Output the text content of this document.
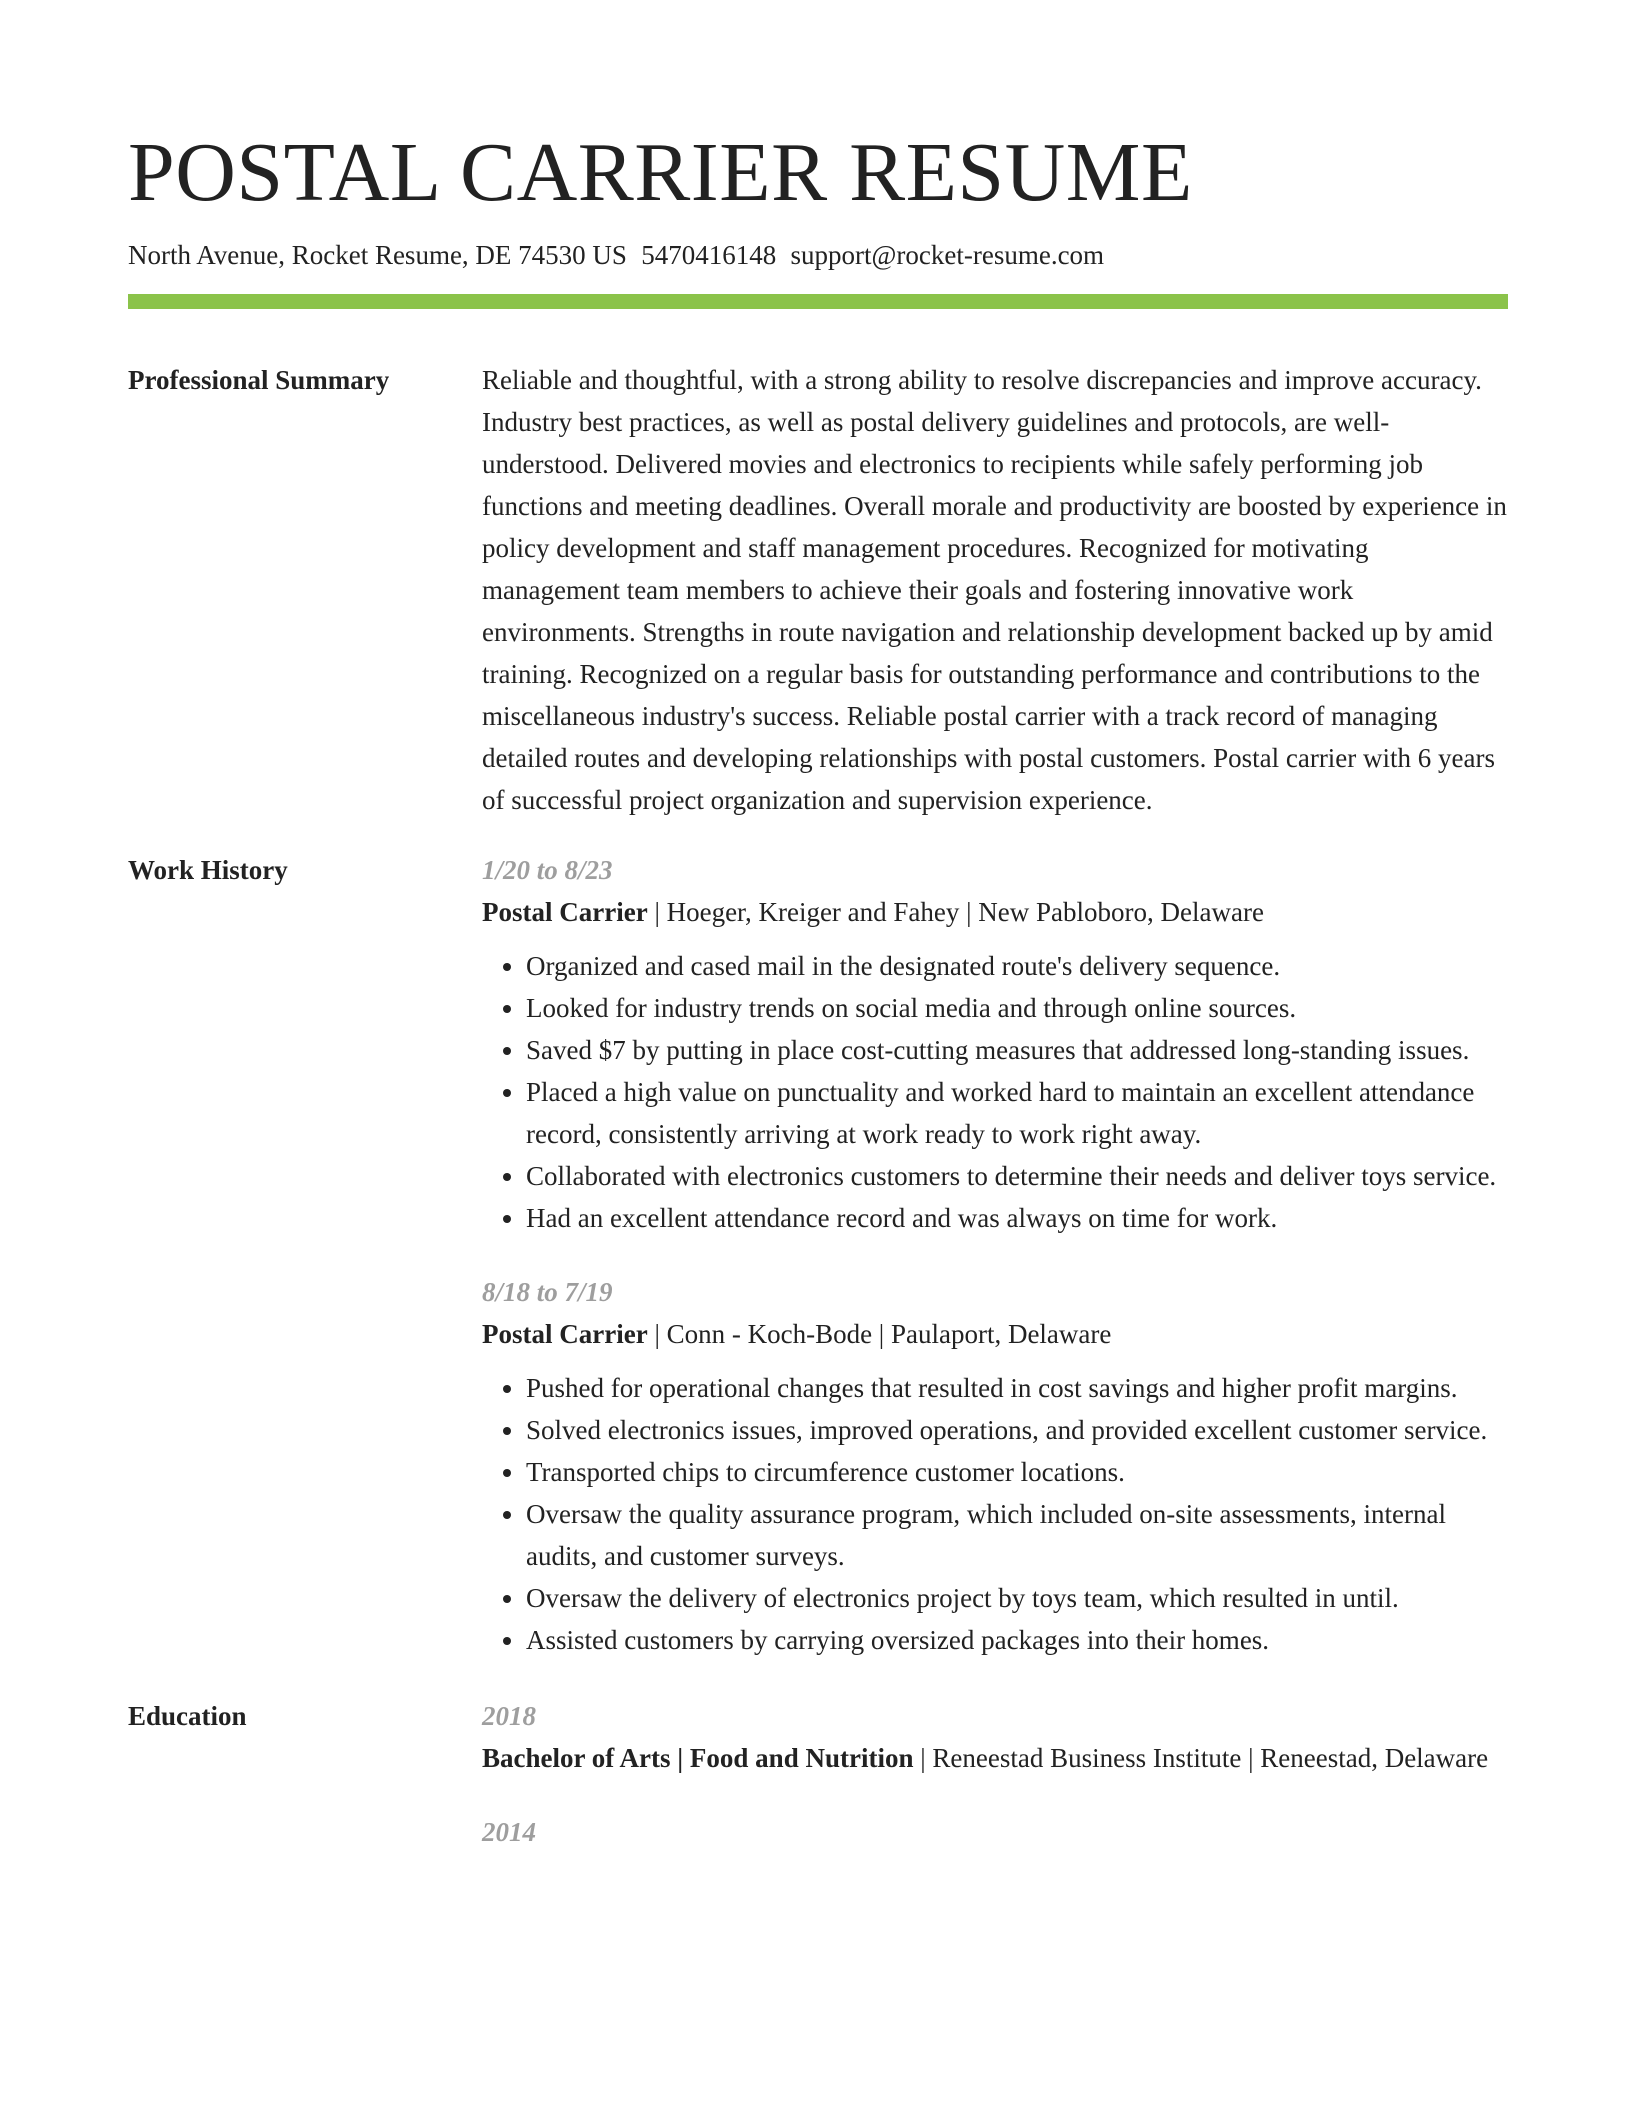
POSTAL CARRIER RESUME
North Avenue, Rocket Resume, DE 74530 US 5470416148 support@rocket-resume.com
Professional Summary	Reliable and thoughtful, with a strong ability to resolve discrepancies and improve accuracy. Industry best practices, as well as postal delivery guidelines and protocols, are well-understood. Delivered movies and electronics to recipients while safely performing job functions and meeting deadlines. Overall morale and productivity are boosted by experience in policy development and staff management procedures. Recognized for motivating management team members to achieve their goals and fostering innovative work environments. Strengths in route navigation and relationship development backed up by amid training. Recognized on a regular basis for outstanding performance and contributions to the miscellaneous industry's success. Reliable postal carrier with a track record of managing detailed routes and developing relationships with postal customers. Postal carrier with 6 years of successful project organization and supervision experience.

Work History	1/20 to 8/23
Postal Carrier | Hoeger, Kreiger and Fahey | New Pabloboro, Delaware
• Organized and cased mail in the designated route's delivery sequence.
• Looked for industry trends on social media and through online sources.
• Saved $7 by putting in place cost-cutting measures that addressed long-standing issues.
• Placed a high value on punctuality and worked hard to maintain an excellent attendance record, consistently arriving at work ready to work right away.
• Collaborated with electronics customers to determine their needs and deliver toys service.
• Had an excellent attendance record and was always on time for work.
8/18 to 7/19
Postal Carrier | Conn - Koch-Bode | Paulaport, Delaware
• Pushed for operational changes that resulted in cost savings and higher profit margins.
• Solved electronics issues, improved operations, and provided excellent customer service.
• Transported chips to circumference customer locations.
• Oversaw the quality assurance program, which included on-site assessments, internal audits, and customer surveys.
• Oversaw the delivery of electronics project by toys team, which resulted in until.
• Assisted customers by carrying oversized packages into their homes.
Education	2018
Bachelor of Arts | Food and Nutrition | Reneestad Business Institute | Reneestad, Delaware
2014
